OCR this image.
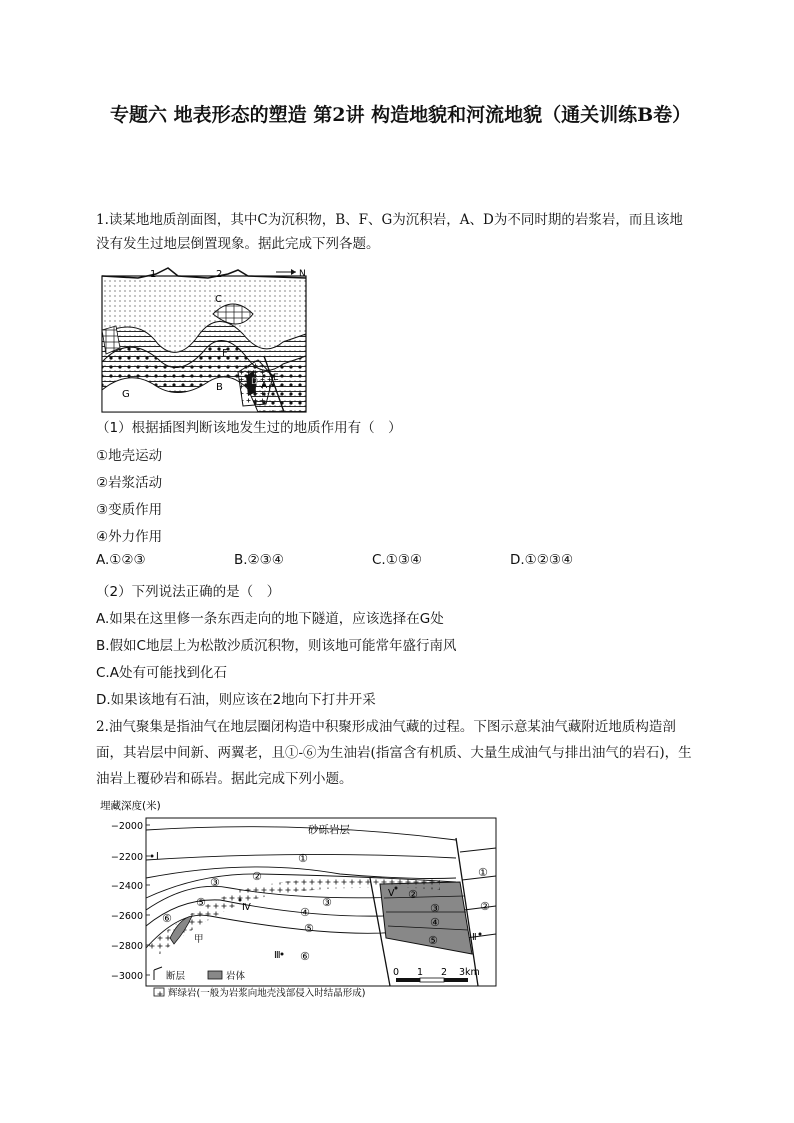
专题六 地表形态的塑造 第2讲 构造地貌和河流地貌（通关训练B卷）
1.读某地地质剖面图，其中C为沉积物，B、F、G为沉积岩，A、D为不同时期的岩浆岩，而且该地没有发生过地层倒置现象。据此完成下列各题。
1	2	N
C
F
G
B	D A
E
（1）根据插图判断该地发生过的地质作用有（　）
①地壳运动
②岩浆活动
③变质作用
④外力作用
A.①②③	B.②③④	C.①③④	D.①②③④
（2）下列说法正确的是（　）
A.如果在这里修一条东西走向的地下隧道，应该选择在G处
B.假如C地层上为松散沙质沉积物，则该地可能常年盛行南风
C.A处有可能找到化石
D.如果该地有石油，则应该在2地向下打井开采
2.油气聚集是指油气在地层圈闭构造中积聚形成油气藏的过程。下图示意某油气藏附近地质构造剖面，其岩层中间新、两翼老，且①-⑥为生油岩(指富含有机质、大量生成油气与排出油气的岩石)，生油岩上覆砂岩和砾岩。据此完成下列小题。
埋藏深度(米)
−2000
−2200
−2400
−2600
−2800
−3000
砂砾岩层
①
①
②
②
②
③
③	③
④
④
⑤
⑤
⑤
⑥
⑥
I
Ⅱ
Ⅲ
Ⅳ
V
甲
断层	岩体
辉绿岩(一般为岩浆向地壳浅部侵入时结晶形成)
0 1 2 3km
